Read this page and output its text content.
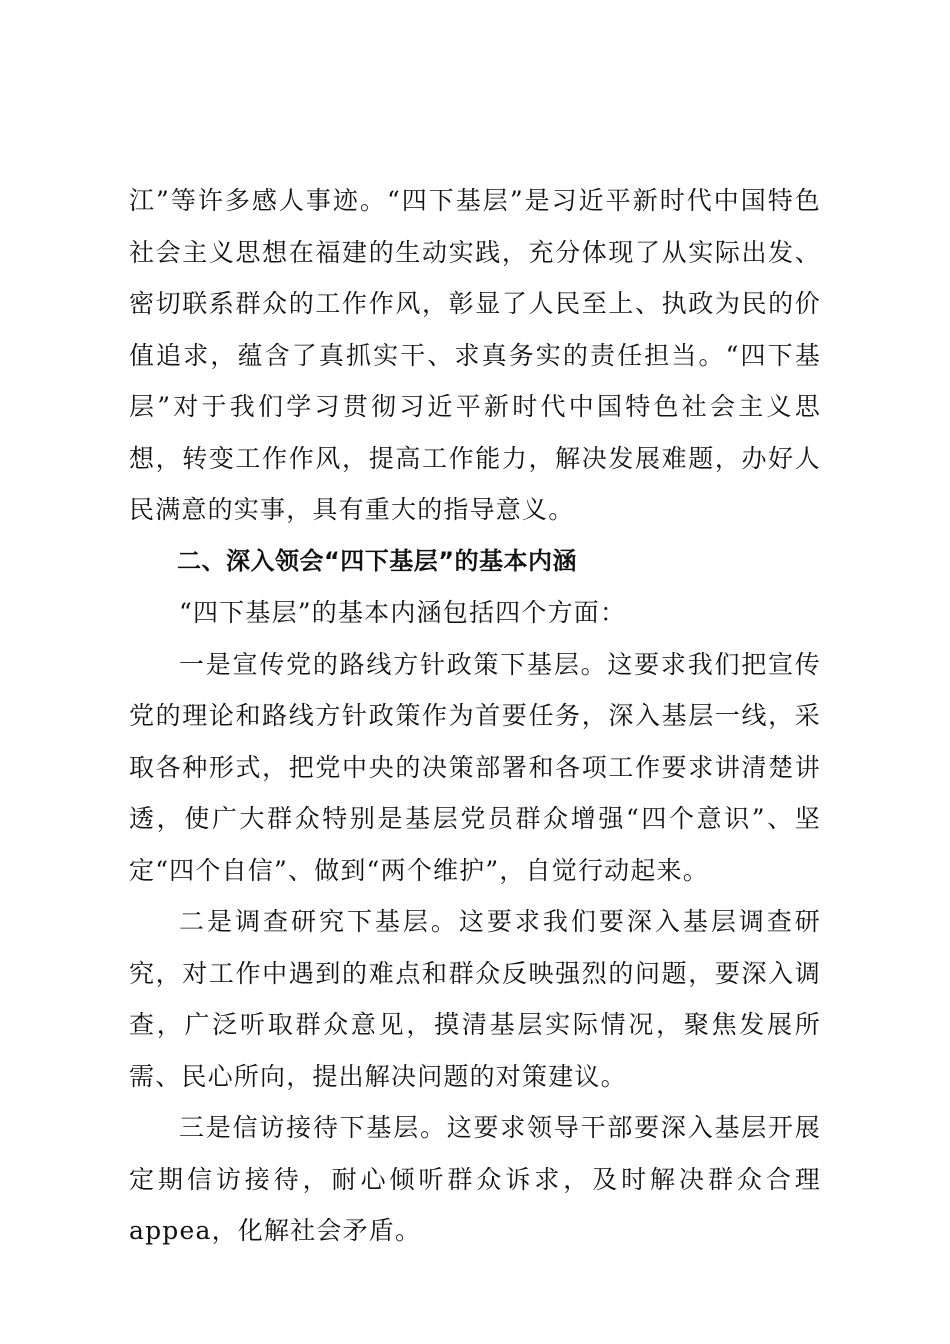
江”等许多感人事迹。“四下基层”是习近平新时代中国特色社会主义思想在福建的生动实践，充分体现了从实际出发、密切联系群众的工作作风，彰显了人民至上、执政为民的价值追求，蕴含了真抓实干、求真务实的责任担当。“四下基层”对于我们学习贯彻习近平新时代中国特色社会主义思想，转变工作作风，提高工作能力，解决发展难题，办好人民满意的实事，具有重大的指导意义。

二、深入领会“四下基层”的基本内涵

“四下基层”的基本内涵包括四个方面：

一是宣传党的路线方针政策下基层。这要求我们把宣传党的理论和路线方针政策作为首要任务，深入基层一线，采取各种形式，把党中央的决策部署和各项工作要求讲清楚讲透，使广大群众特别是基层党员群众增强“四个意识”、坚定“四个自信”、做到“两个维护”，自觉行动起来。

二是调查研究下基层。这要求我们要深入基层调查研究，对工作中遇到的难点和群众反映强烈的问题，要深入调查，广泛听取群众意见，摸清基层实际情况，聚焦发展所需、民心所向，提出解决问题的对策建议。

三是信访接待下基层。这要求领导干部要深入基层开展定期信访接待，耐心倾听群众诉求，及时解决群众合理appea，化解社会矛盾。
